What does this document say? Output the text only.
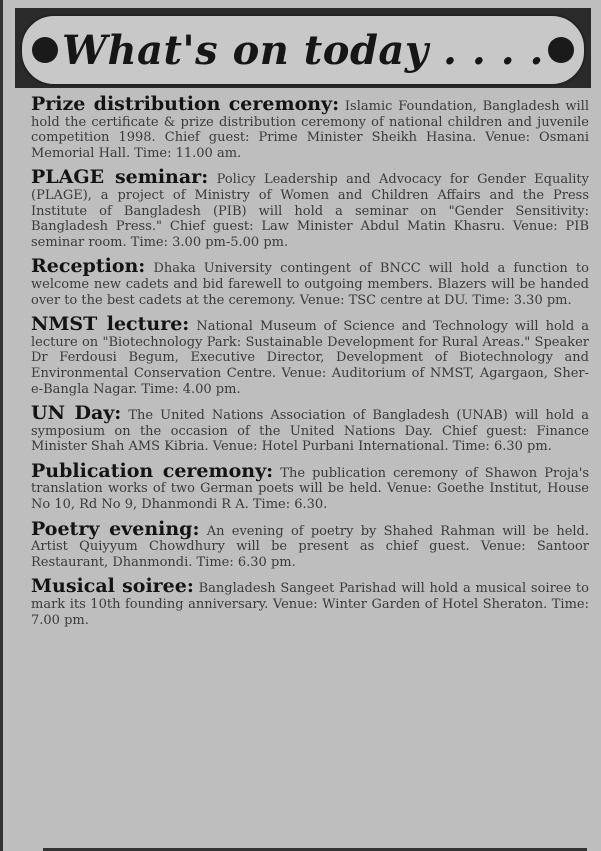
What's on today . . . .

Prize distribution ceremony: Islamic Foundation, Bangladesh will hold the certificate & prize distribution ceremony of national children and juvenile competition 1998. Chief guest: Prime Minister Sheikh Hasina. Venue: Osmani Memorial Hall. Time: 11.00 am.

PLAGE seminar: Policy Leadership and Advocacy for Gender Equality (PLAGE), a project of Ministry of Women and Children Affairs and the Press Institute of Bangladesh (PIB) will hold a seminar on "Gender Sensitivity: Bangladesh Press." Chief guest: Law Minister Abdul Matin Khasru. Venue: PIB seminar room. Time: 3.00 pm-5.00 pm.

Reception: Dhaka University contingent of BNCC will hold a function to welcome new cadets and bid farewell to outgoing members. Blazers will be handed over to the best cadets at the ceremony. Venue: TSC centre at DU. Time: 3.30 pm.

NMST lecture: National Museum of Science and Technology will hold a lecture on "Biotechnology Park: Sustainable Development for Rural Areas." Speaker Dr Ferdousi Begum, Executive Director, Development of Biotechnology and Environmental Conservation Centre. Venue: Auditorium of NMST, Agargaon, Sher-e-Bangla Nagar. Time: 4.00 pm.

UN Day: The United Nations Association of Bangladesh (UNAB) will hold a symposium on the occasion of the United Nations Day. Chief guest: Finance Minister Shah AMS Kibria. Venue: Hotel Purbani International. Time: 6.30 pm.

Publication ceremony: The publication ceremony of Shawon Proja's translation works of two German poets will be held. Venue: Goethe Institut, House No 10, Rd No 9, Dhanmondi R A. Time: 6.30.

Poetry evening: An evening of poetry by Shahed Rahman will be held. Artist Quiyyum Chowdhury will be present as chief guest. Venue: Santoor Restaurant, Dhanmondi. Time: 6.30 pm.

Musical soiree: Bangladesh Sangeet Parishad will hold a musical soiree to mark its 10th founding anniversary. Venue: Winter Garden of Hotel Sheraton. Time: 7.00 pm.
